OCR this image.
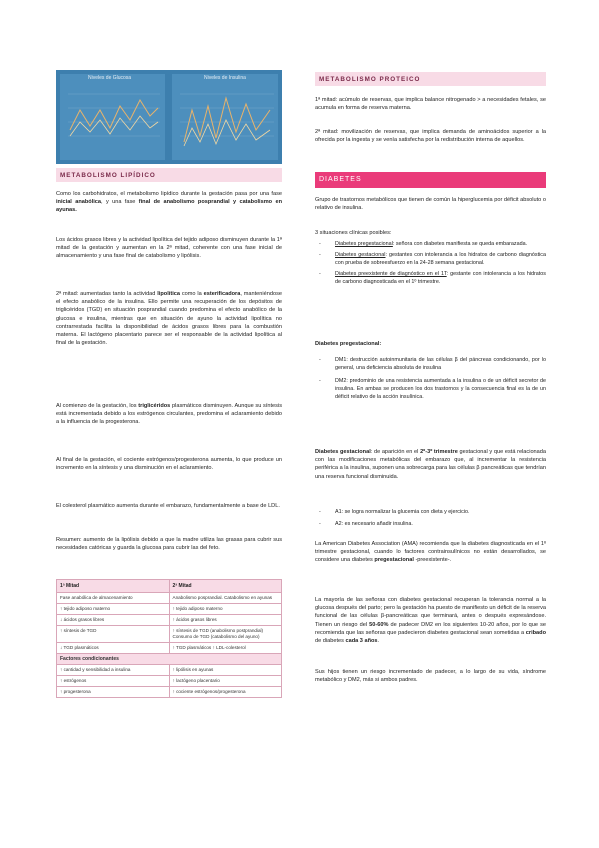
Niveles de Glucosa	Niveles de Insulina
METABOLISMO LIPÍDICO

Como los carbohidratos, el metabolismo lipídico durante la gestación pasa por una fase inicial anabólica, y una fase final de anabolismo posprandial y catabolismo en ayunas.

Los ácidos grasos libres y la actividad lipolítica del tejido adiposo disminuyen durante la 1ª mitad de la gestación y aumentan en la 2ª mitad, coherente con una fase inicial de almacenamiento y una fase final de catabolismo y lipólisis.

2ª mitad: aumentadas tanto la actividad lipolítica como la esterificadora, manteniéndose el efecto anabólico de la insulina. Ello permite una recuperación de los depósitos de triglicéridos (TGD) en situación posprandial cuando predomina el efecto anabólico de la glucosa e insulina, mientras que en situación de ayuno la actividad lipolítica no contrarrestada facilita la disponibilidad de ácidos grasos libres para la combustión materna. El lactógeno placentario parece ser el responsable de la actividad lipolítica al final de la gestación.

Al comienzo de la gestación, los triglicéridos plasmáticos disminuyen. Aunque su síntesis está incrementada debido a los estrógenos circulantes, predomina el aclaramiento debido a la influencia de la progesterona.

Al final de la gestación, el cociente estrógenos/progesterona aumenta, lo que produce un incremento en la síntesis y una disminución en el aclaramiento.

El colesterol plasmático aumenta durante el embarazo, fundamentalmente a base de LDL.

Resumen: aumento de la lipólisis debido a que la madre utiliza las grasas para cubrir sus necesidades catóricas y guarda la glucosa para cubrir las del feto.

1ª Mitad	2ª Mitad
Fase anabólica de almacenamiento	Anabolismo posprandial. Catabolismo en ayunas
↑ tejido adiposo materno	↑ tejido adiposo materno
↓ ácidos grasos libres	↑ ácidos grasos libres
↑ síntesis de TGD	↑ síntesis de TGD (anabolismo postprandial) Consumo de TGD (catabolismo del ayuno)
↓ TGD plasmáticos	↑ TGD plasmáticos ↑ LDL-colesterol
Factores condicionantes	
↑ cantidad y sensibilidad a insulina	↑ lipólisis en ayunas
↑ estrógenos	↑ lactógeno placentario
↑ progesterona	↑ cociente estrógenos/progesterona
METABOLISMO PROTEICO

1ª mitad: acúmulo de reservas, que implica balance nitrogenado > a necesidades fetales, se acumula en forma de reserva materna.

2ª mitad: movilización de reservas, que implica demanda de aminoácidos superior a la ofrecida por la ingesta y se venía satisfecha por la redistribución interna de aquellos.

DIABETES

Grupo de trastornos metabólicos que tienen de común la hiperglucemia por déficit absoluto o relativo de insulina.

3 situaciones clínicas posibles:

-	Diabetes pregestacional: señora con diabetes manifiesta se queda embarazada.
-	Diabetes gestacional: gestantes con intolerancia a los hidratos de carbono diagnóstica con prueba de sobreesfuerzo en la 24-28 semana gestacional.
-	Diabetes preexistente de diagnóstico en el 1T: gestante con intolerancia a los hidratos de carbono diagnosticada en el 1º trimestre.

Diabetes pregestacional:

-	DM1: destrucción autoinmunitaria de las células β del páncreas condicionando, por lo general, una deficiencia absoluta de insulina
-	DM2: predominio de una resistencia aumentada a la insulina o de un déficit secretor de insulina. En ambas se producen los dos trastornos y la consecuencia final es la de un déficit relativo de la acción insulínica.

Diabetes gestacional: de aparición en el 2º-3º trimestre gestacional y que está relacionada con las modificaciones metabólicas del embarazo que, al incrementar la resistencia periférica a la insulina, suponen una sobrecarga para las células β pancreáticas que tendrían una reserva funcional disminuida.

-	A1: se logra normalizar la glucemia con dieta y ejercicio.
-	A2: es necesario añadir insulina.

La American Diabetes Association (AMA) recomienda que la diabetes diagnosticada en el 1º trimestre gestacional, cuando lo factores contrainsulínicos no están desarrollados, se considere una diabetes pregestacional -preexistente-.

La mayoría de las señoras con diabetes gestacional recuperan la tolerancia normal a la glucosa después del parto; pero la gestación ha puesto de manifiesto un déficit de la reserva funcional de las células β-pancreáticas que terminará, antes o después expresándose. Tienen un riesgo del 50-60% de padecer DM2 en los siguientes 10-20 años, por lo que se recomienda que las señoras que padecieron diabetes gestacional sean sometidas a cribado de diabetes cada 3 años.

Sus hijos tienen un riesgo incrementado de padecer, a lo largo de su vida, síndrome metabólico y DM2, más si ambos padres.
